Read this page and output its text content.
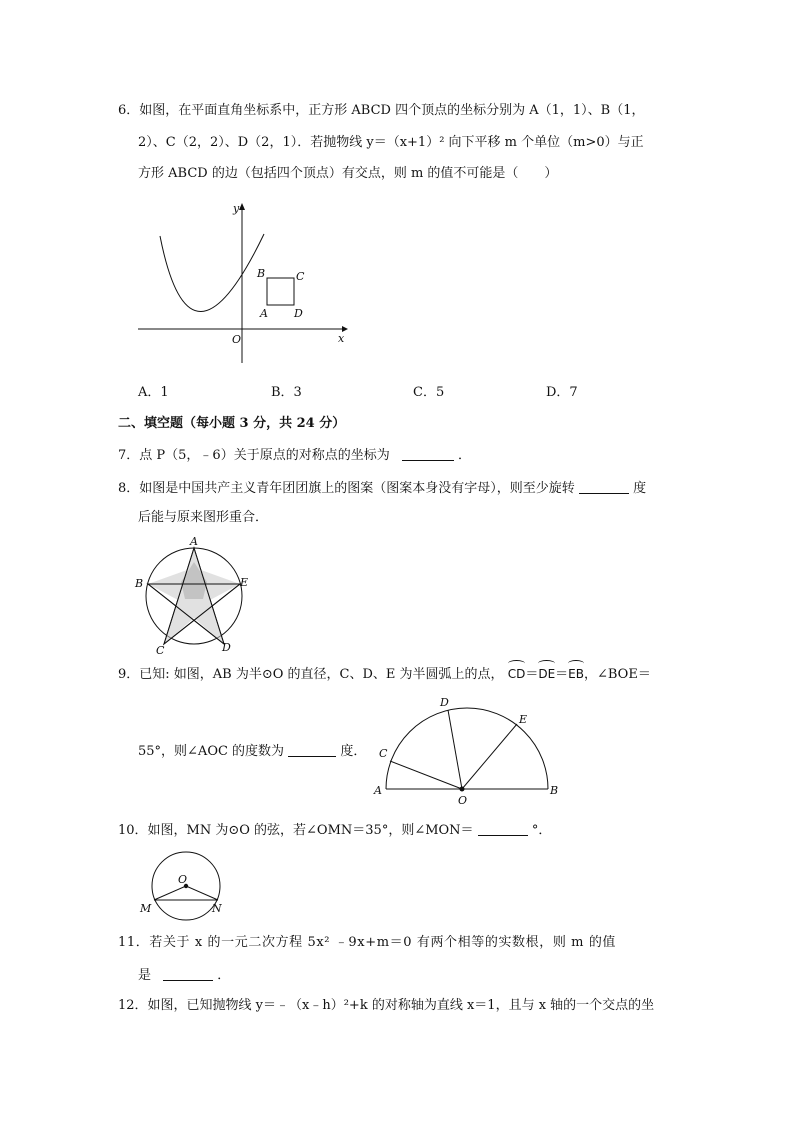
6．如图，在平面直角坐标系中，正方形 ABCD 四个顶点的坐标分别为 A（1，1）、B（1，
2）、C（2，2）、D（2，1）．若抛物线 y＝（x+1）² 向下平移 m 个单位（m>0）与正
方形 ABCD 的边（包括四个顶点）有交点，则 m 的值不可能是（　　）
y
x
O
A
B	C
D
A．1	B．3	C．5	D．7
二、填空题（每小题 3 分，共 24 分）
7．点 P（5，﹣6）关于原点的对称点的坐标为	．
8．如图是中国共产主义青年团团旗上的图案（图案本身没有字母），则至少旋转	度
后能与原来图形重合．
A
B	E
C	D
9．已知: 如图，AB 为半⊙O 的直径，C、D、E 为半圆弧上的点， CD＝DE＝EB，∠BOE＝
55°，则∠AOC 的度数为	度．
A	B
C
D
E
O
10．如图，MN 为⊙O 的弦，若∠OMN＝35°，则∠MON＝	°．
O
M	N
11．若关于 x 的一元二次方程 5x² ﹣9x+m＝0 有两个相等的实数根，则 m 的值
是	．
12．如图，已知抛物线 y＝﹣（x﹣h）²+k 的对称轴为直线 x＝1，且与 x 轴的一个交点的坐
